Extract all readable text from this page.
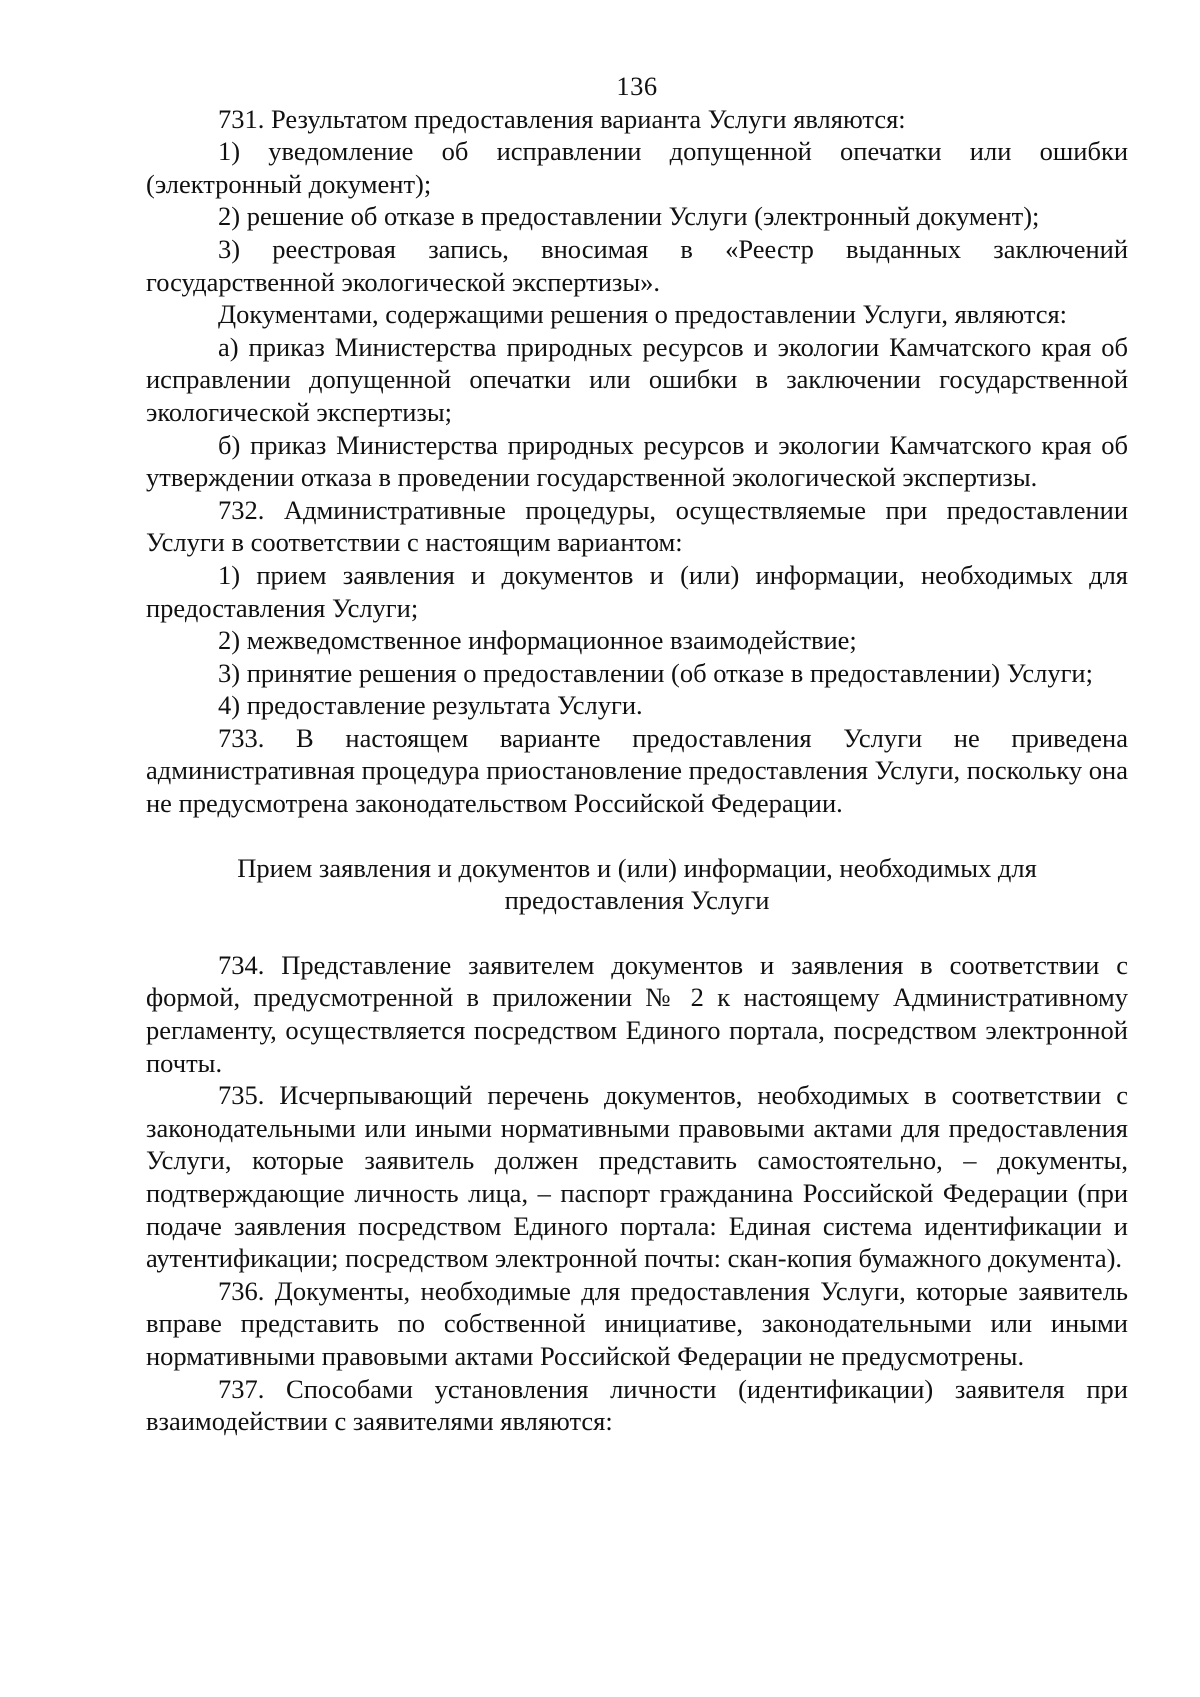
136

731. Результатом предоставления варианта Услуги являются:

1) уведомление об исправлении допущенной опечатки или ошибки (электронный документ);

2) решение об отказе в предоставлении Услуги (электронный документ);

3) реестровая запись, вносимая в «Реестр выданных заключений государственной экологической экспертизы».

Документами, содержащими решения о предоставлении Услуги, являются:

а) приказ Министерства природных ресурсов и экологии Камчатского края об исправлении допущенной опечатки или ошибки в заключении государственной экологической экспертизы;

б) приказ Министерства природных ресурсов и экологии Камчатского края об утверждении отказа в проведении государственной экологической экспертизы.

732. Административные процедуры, осуществляемые при предоставлении Услуги в соответствии с настоящим вариантом:

1) прием заявления и документов и (или) информации, необходимых для предоставления Услуги;

2) межведомственное информационное взаимодействие;

3) принятие решения о предоставлении (об отказе в предоставлении) Услуги;

4) предоставление результата Услуги.

733. В настоящем варианте предоставления Услуги не приведена административная процедура приостановление предоставления Услуги, поскольку она не предусмотрена законодательством Российской Федерации.

Прием заявления и документов и (или) информации, необходимых для
предоставления Услуги

734. Представление заявителем документов и заявления в соответствии с формой, предусмотренной в приложении № 2 к настоящему Административному регламенту, осуществляется посредством Единого портала, посредством электронной почты.

735. Исчерпывающий перечень документов, необходимых в соответствии с законодательными или иными нормативными правовыми актами для предоставления Услуги, которые заявитель должен представить самостоятельно, – документы, подтверждающие личность лица, – паспорт гражданина Российской Федерации (при подаче заявления посредством Единого портала: Единая система идентификации и аутентификации; посредством электронной почты: скан-копия бумажного документа).

736. Документы, необходимые для предоставления Услуги, которые заявитель вправе представить по собственной инициативе, законодательными или иными нормативными правовыми актами Российской Федерации не предусмотрены.

737. Способами установления личности (идентификации) заявителя при взаимодействии с заявителями являются:
